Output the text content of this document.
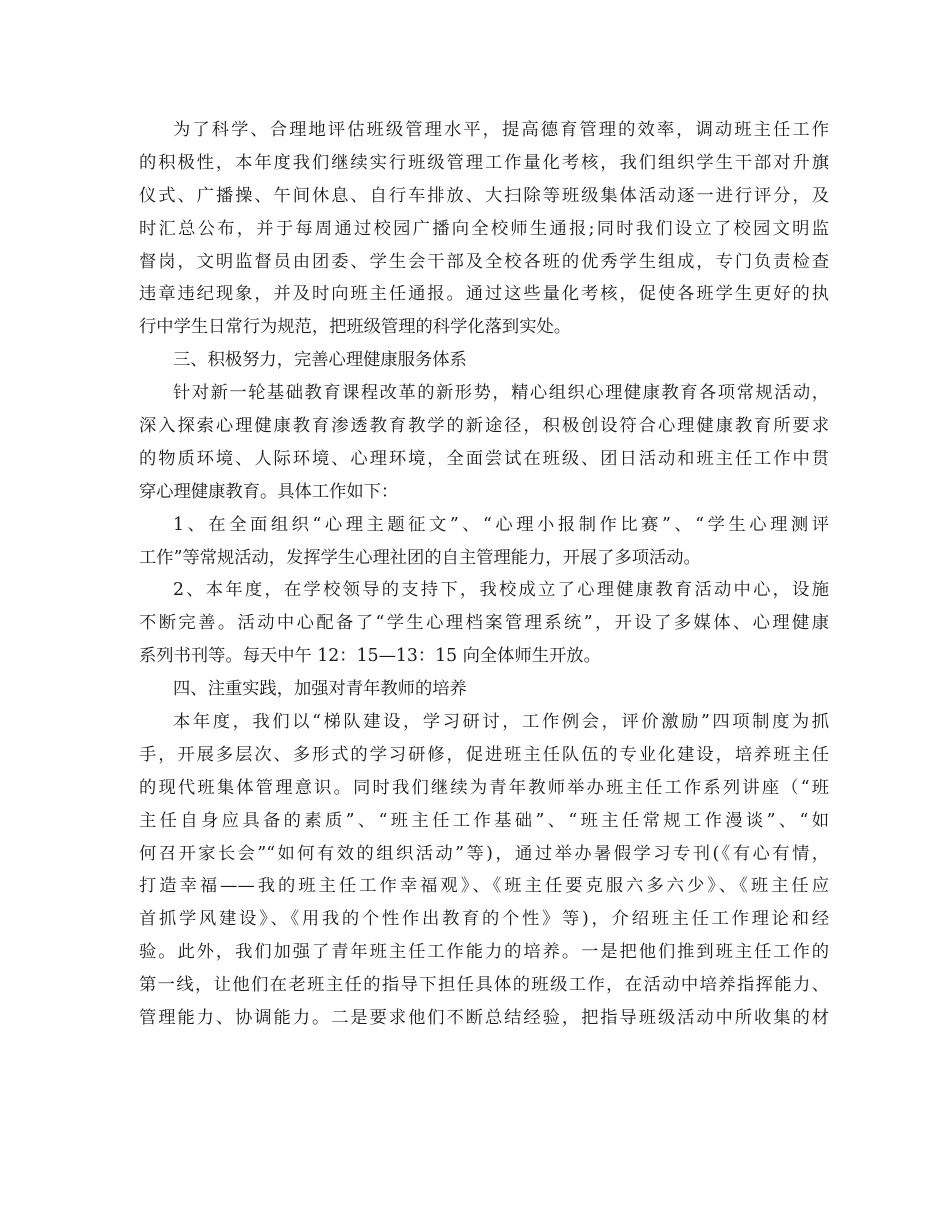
为了科学、合理地评估班级管理水平，提高德育管理的效率，调动班主任工作
的积极性，本年度我们继续实行班级管理工作量化考核，我们组织学生干部对升旗
仪式、广播操、午间休息、自行车排放、大扫除等班级集体活动逐一进行评分，及
时汇总公布，并于每周通过校园广播向全校师生通报;同时我们设立了校园文明监
督岗，文明监督员由团委、学生会干部及全校各班的优秀学生组成，专门负责检查
违章违纪现象，并及时向班主任通报。通过这些量化考核，促使各班学生更好的执
行中学生日常行为规范，把班级管理的科学化落到实处。
三、积极努力，完善心理健康服务体系
针对新一轮基础教育课程改革的新形势，精心组织心理健康教育各项常规活动，
深入探索心理健康教育渗透教育教学的新途径，积极创设符合心理健康教育所要求
的物质环境、人际环境、心理环境，全面尝试在班级、团日活动和班主任工作中贯
穿心理健康教育。具体工作如下：
1、在全面组织“心理主题征文”、“心理小报制作比赛”、“学生心理测评
工作”等常规活动，发挥学生心理社团的自主管理能力，开展了多项活动。
2、本年度，在学校领导的支持下，我校成立了心理健康教育活动中心，设施
不断完善。活动中心配备了“学生心理档案管理系统”，开设了多媒体、心理健康
系列书刊等。每天中午 12：15—13：15 向全体师生开放。
四、注重实践，加强对青年教师的培养
本年度，我们以“梯队建设，学习研讨，工作例会，评价激励”四项制度为抓
手，开展多层次、多形式的学习研修，促进班主任队伍的专业化建设，培养班主任
的现代班集体管理意识。同时我们继续为青年教师举办班主任工作系列讲座（“班
主任自身应具备的素质”、“班主任工作基础”、“班主任常规工作漫谈”、“如
何召开家长会”“如何有效的组织活动”等)，通过举办暑假学习专刊(《有心有情，
打造幸福——我的班主任工作幸福观》、《班主任要克服六多六少》、《班主任应
首抓学风建设》、《用我的个性作出教育的个性》等)，介绍班主任工作理论和经
验。此外，我们加强了青年班主任工作能力的培养。一是把他们推到班主任工作的
第一线，让他们在老班主任的指导下担任具体的班级工作，在活动中培养指挥能力、
管理能力、协调能力。二是要求他们不断总结经验，把指导班级活动中所收集的材
